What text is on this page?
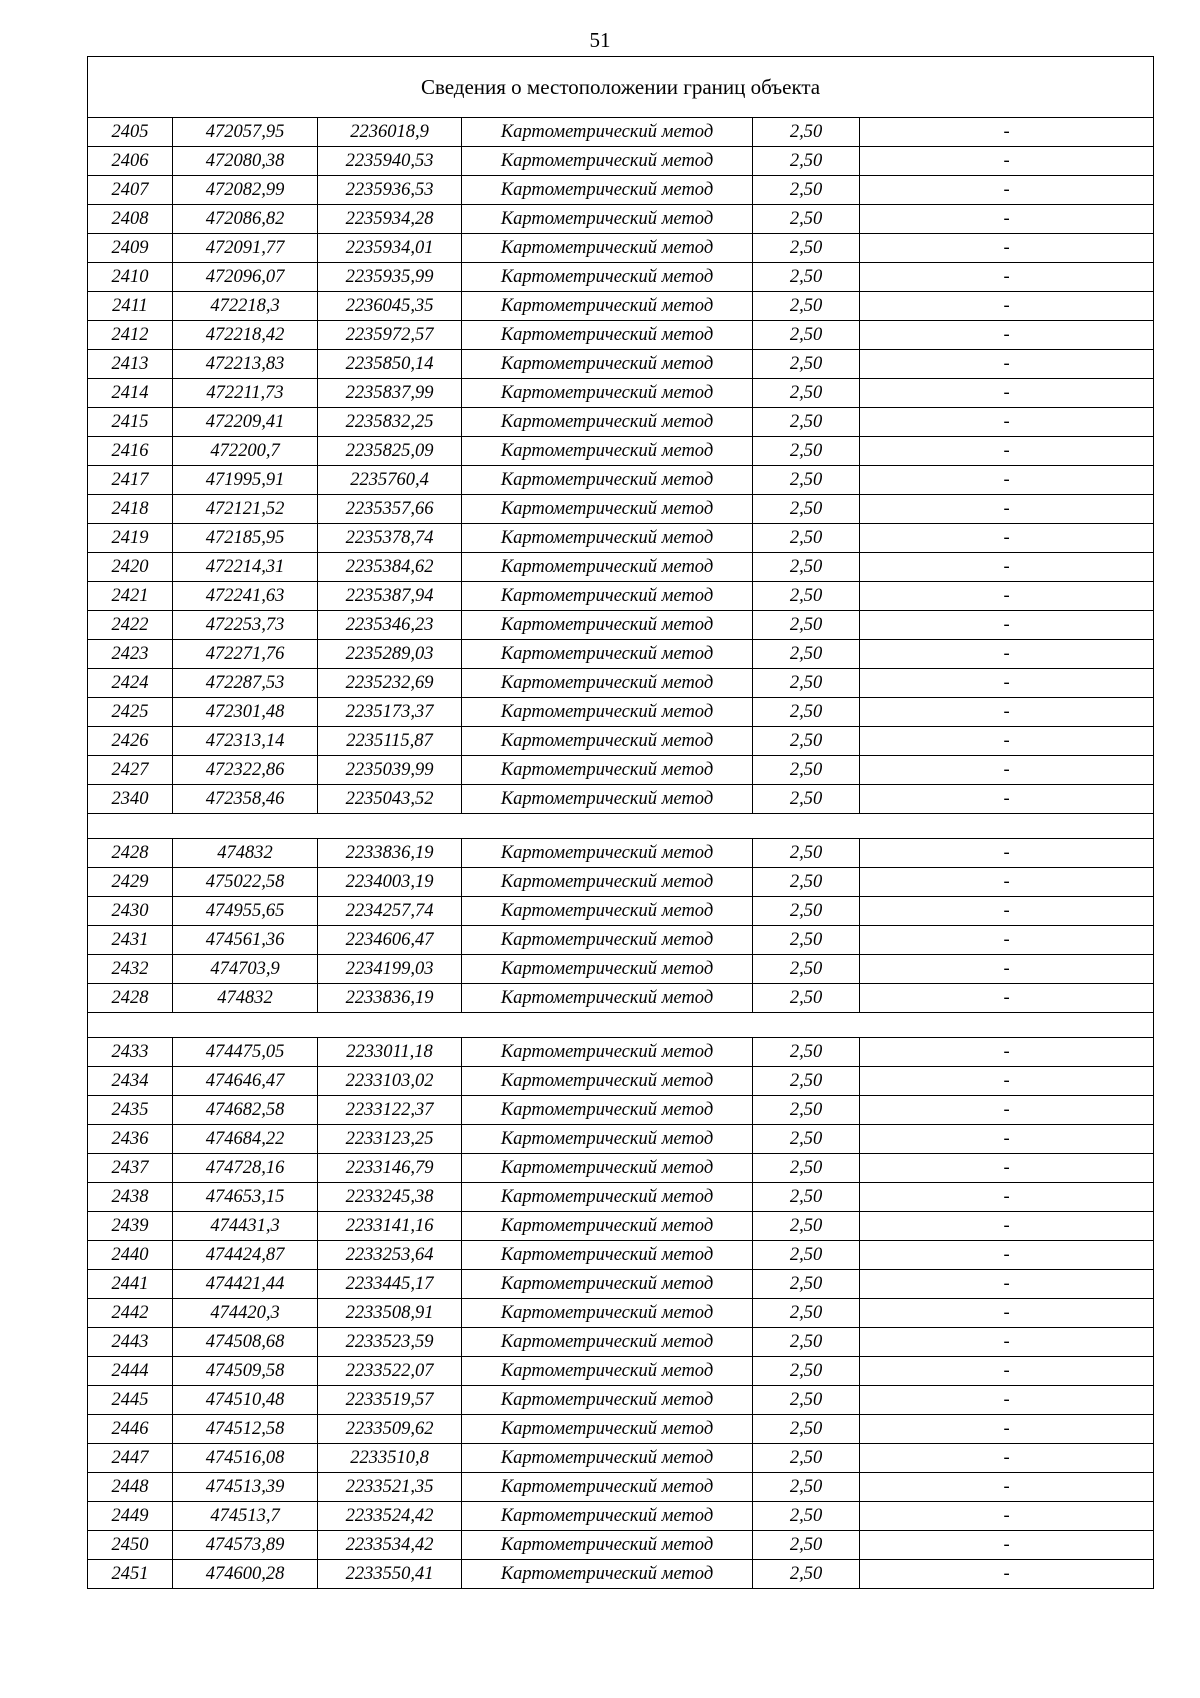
51
Сведения о местоположении границ объекта					
2405	472057,95	2236018,9	Картометрический метод	2,50	-
2406	472080,38	2235940,53	Картометрический метод	2,50	-
2407	472082,99	2235936,53	Картометрический метод	2,50	-
2408	472086,82	2235934,28	Картометрический метод	2,50	-
2409	472091,77	2235934,01	Картометрический метод	2,50	-
2410	472096,07	2235935,99	Картометрический метод	2,50	-
2411	472218,3	2236045,35	Картометрический метод	2,50	-
2412	472218,42	2235972,57	Картометрический метод	2,50	-
2413	472213,83	2235850,14	Картометрический метод	2,50	-
2414	472211,73	2235837,99	Картометрический метод	2,50	-
2415	472209,41	2235832,25	Картометрический метод	2,50	-
2416	472200,7	2235825,09	Картометрический метод	2,50	-
2417	471995,91	2235760,4	Картометрический метод	2,50	-
2418	472121,52	2235357,66	Картометрический метод	2,50	-
2419	472185,95	2235378,74	Картометрический метод	2,50	-
2420	472214,31	2235384,62	Картометрический метод	2,50	-
2421	472241,63	2235387,94	Картометрический метод	2,50	-
2422	472253,73	2235346,23	Картометрический метод	2,50	-
2423	472271,76	2235289,03	Картометрический метод	2,50	-
2424	472287,53	2235232,69	Картометрический метод	2,50	-
2425	472301,48	2235173,37	Картометрический метод	2,50	-
2426	472313,14	2235115,87	Картометрический метод	2,50	-
2427	472322,86	2235039,99	Картометрический метод	2,50	-
2340	472358,46	2235043,52	Картометрический метод	2,50	-

2428	474832	2233836,19	Картометрический метод	2,50	-
2429	475022,58	2234003,19	Картометрический метод	2,50	-
2430	474955,65	2234257,74	Картометрический метод	2,50	-
2431	474561,36	2234606,47	Картометрический метод	2,50	-
2432	474703,9	2234199,03	Картометрический метод	2,50	-
2428	474832	2233836,19	Картометрический метод	2,50	-

2433	474475,05	2233011,18	Картометрический метод	2,50	-
2434	474646,47	2233103,02	Картометрический метод	2,50	-
2435	474682,58	2233122,37	Картометрический метод	2,50	-
2436	474684,22	2233123,25	Картометрический метод	2,50	-
2437	474728,16	2233146,79	Картометрический метод	2,50	-
2438	474653,15	2233245,38	Картометрический метод	2,50	-
2439	474431,3	2233141,16	Картометрический метод	2,50	-
2440	474424,87	2233253,64	Картометрический метод	2,50	-
2441	474421,44	2233445,17	Картометрический метод	2,50	-
2442	474420,3	2233508,91	Картометрический метод	2,50	-
2443	474508,68	2233523,59	Картометрический метод	2,50	-
2444	474509,58	2233522,07	Картометрический метод	2,50	-
2445	474510,48	2233519,57	Картометрический метод	2,50	-
2446	474512,58	2233509,62	Картометрический метод	2,50	-
2447	474516,08	2233510,8	Картометрический метод	2,50	-
2448	474513,39	2233521,35	Картометрический метод	2,50	-
2449	474513,7	2233524,42	Картометрический метод	2,50	-
2450	474573,89	2233534,42	Картометрический метод	2,50	-
2451	474600,28	2233550,41	Картометрический метод	2,50	-
